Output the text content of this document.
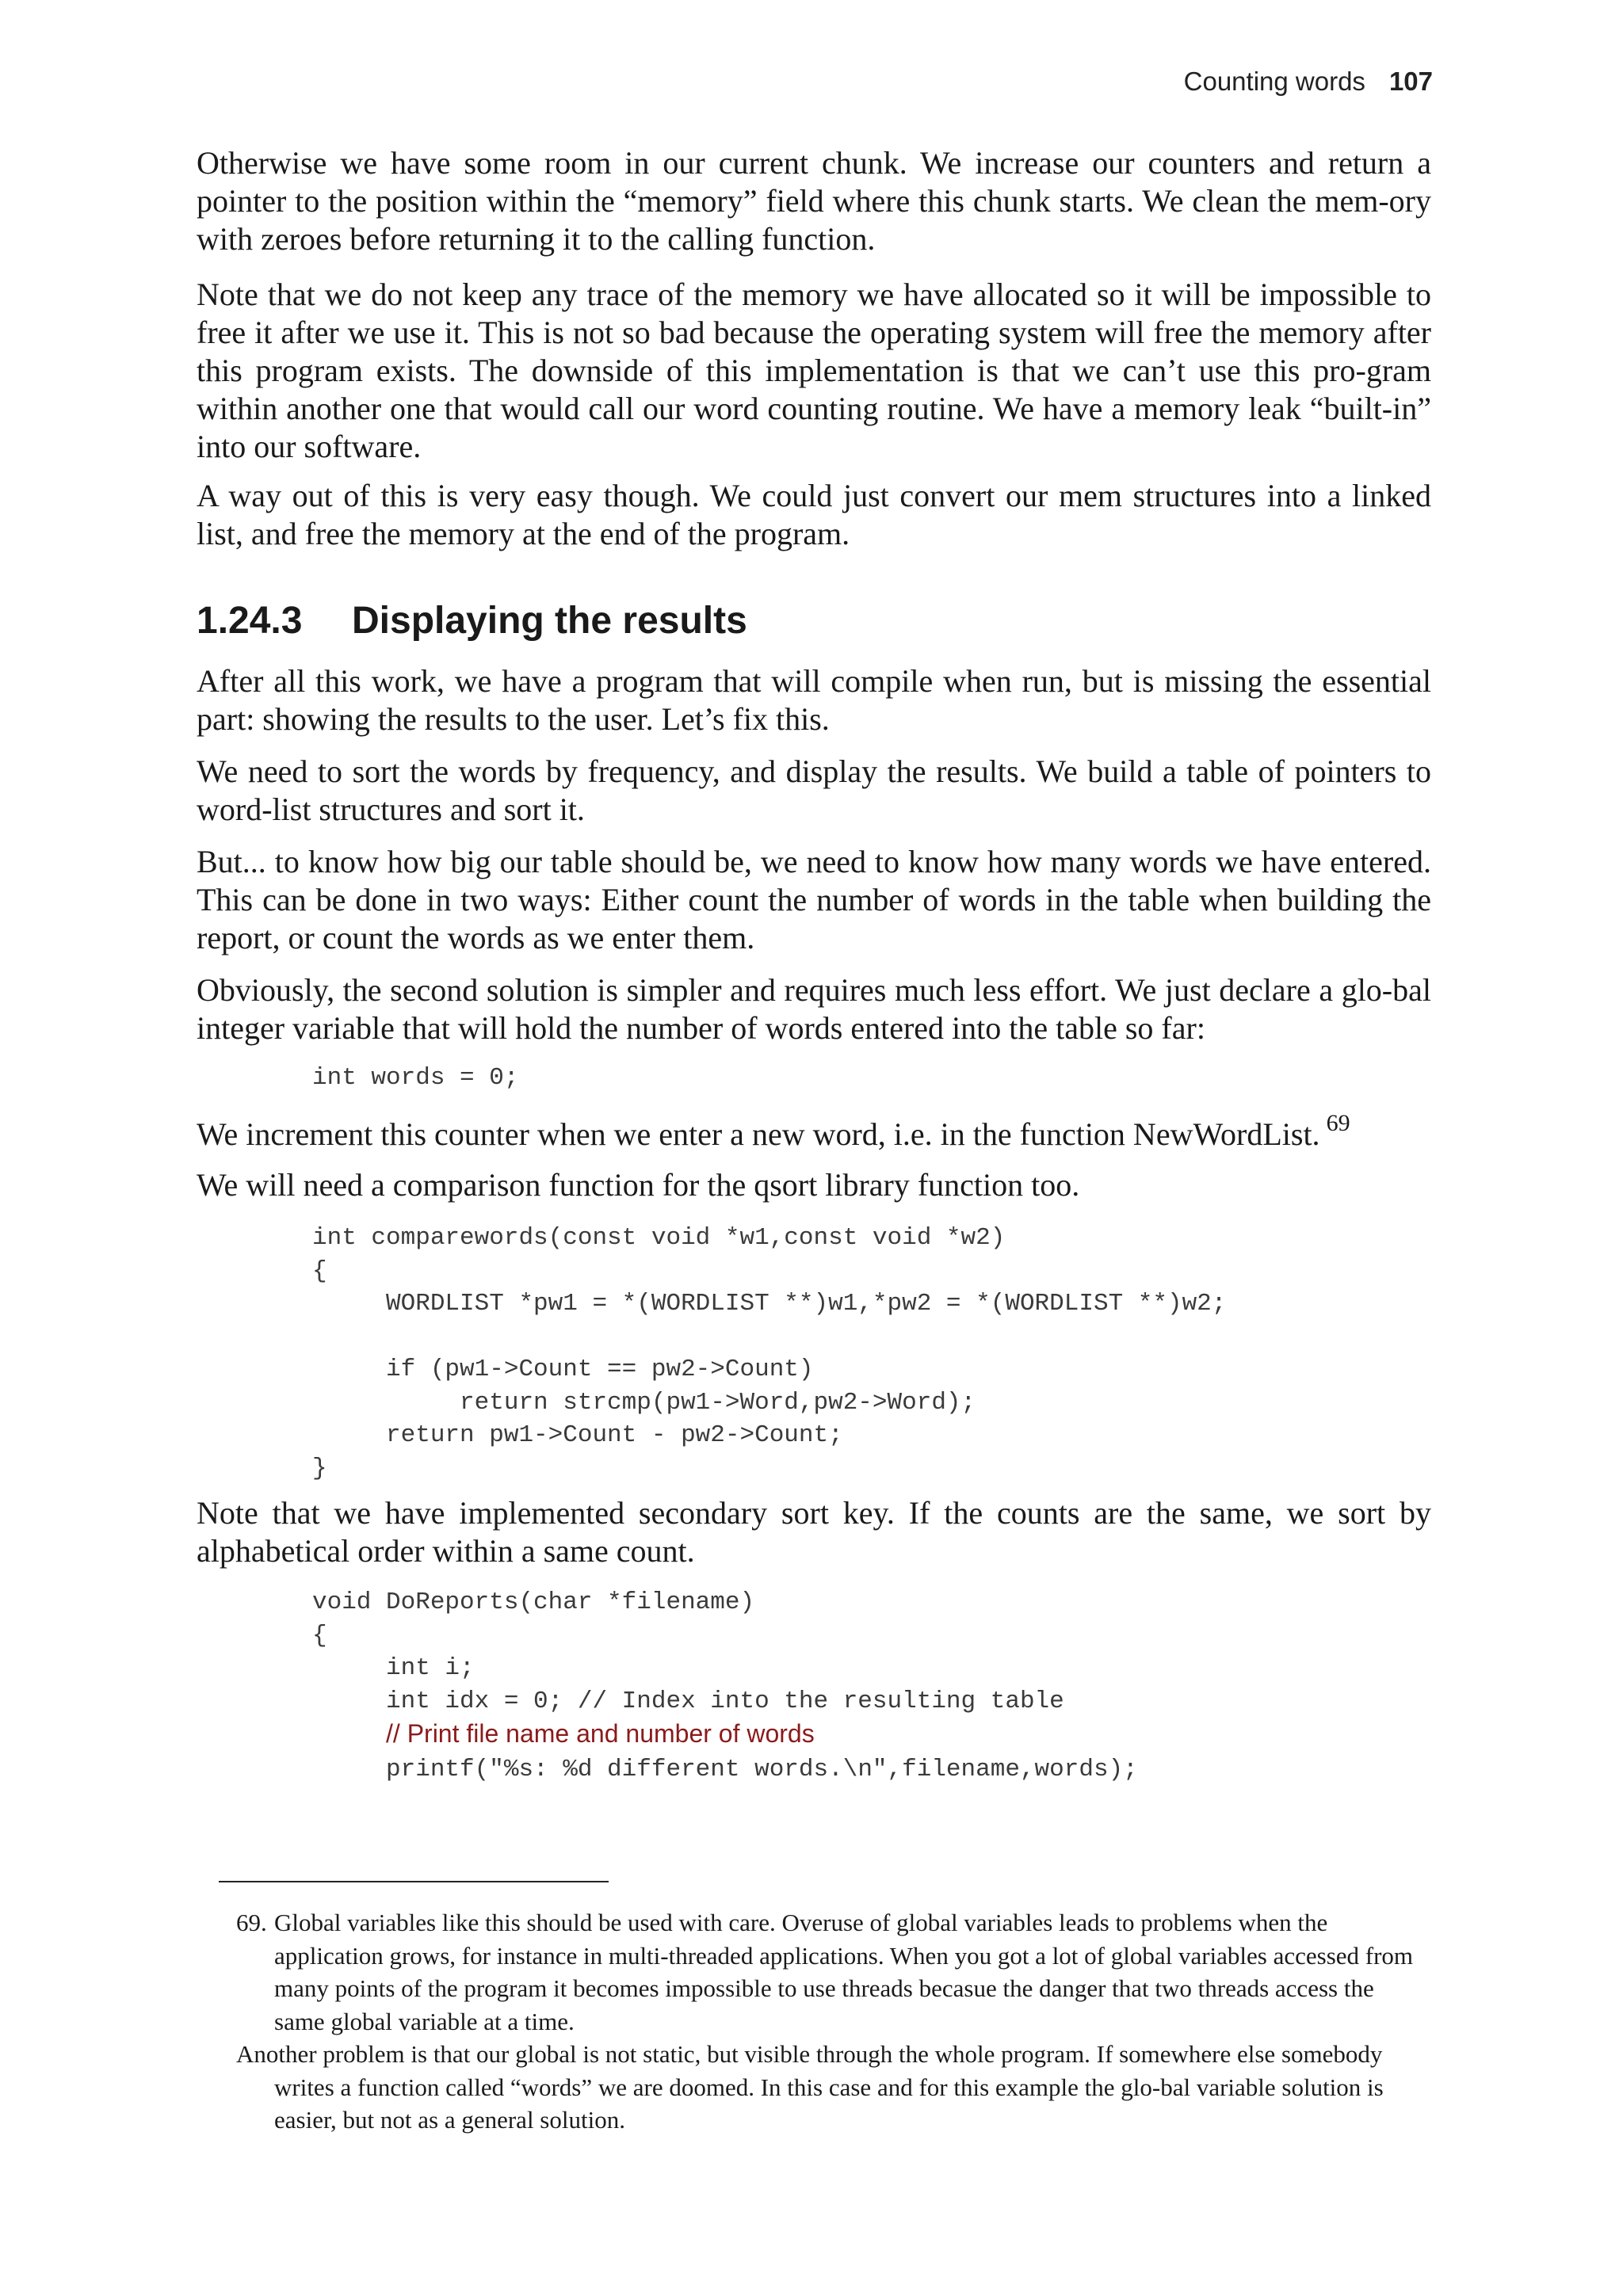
Counting words 107

Otherwise we have some room in our current chunk. We increase our counters and return a pointer to the position within the “memory” field where this chunk starts. We clean the mem-ory with zeroes before returning it to the calling function.

Note that we do not keep any trace of the memory we have allocated so it will be impossible to free it after we use it. This is not so bad because the operating system will free the memory after this program exists. The downside of this implementation is that we can’t use this pro-gram within another one that would call our word counting routine. We have a memory leak “built-in” into our software.

A way out of this is very easy though. We could just convert our mem structures into a linked list, and free the memory at the end of the program.

1.24.3 Displaying the results

After all this work, we have a program that will compile when run, but is missing the essential part: showing the results to the user. Let’s fix this.

We need to sort the words by frequency, and display the results. We build a table of pointers to word-list structures and sort it.

But... to know how big our table should be, we need to know how many words we have entered. This can be done in two ways: Either count the number of words in the table when building the report, or count the words as we enter them.

Obviously, the second solution is simpler and requires much less effort. We just declare a glo-bal integer variable that will hold the number of words entered into the table so far:

int words = 0;

We increment this counter when we enter a new word, i.e. in the function NewWordList. $^{69}$

We will need a comparison function for the qsort library function too.

int comparewords(const void *w1,const void *w2)
{
WORDLIST *pw1 = *(WORDLIST **)w1,*pw2 = *(WORDLIST **)w2;

if (pw1->Count == pw2->Count)
return strcmp(pw1->Word,pw2->Word);
return pw1->Count - pw2->Count;
}

Note that we have implemented secondary sort key. If the counts are the same, we sort by alphabetical order within a same count.

void DoReports(char *filename)
{
int i;
int idx = 0; // Index into the resulting table
// Print file name and number of words
printf("%s: %d different words.\n",filename,words);

69. Global variables like this should be used with care. Overuse of global variables leads to problems when the application grows, for instance in multi-threaded applications. When you got a lot of global variables accessed from many points of the program it becomes impossible to use threads becasue the danger that two threads access the same global variable at a time.

Another problem is that our global is not static, but visible through the whole program. If somewhere else somebody writes a function called “words” we are doomed. In this case and for this example the glo-bal variable solution is easier, but not as a general solution.
